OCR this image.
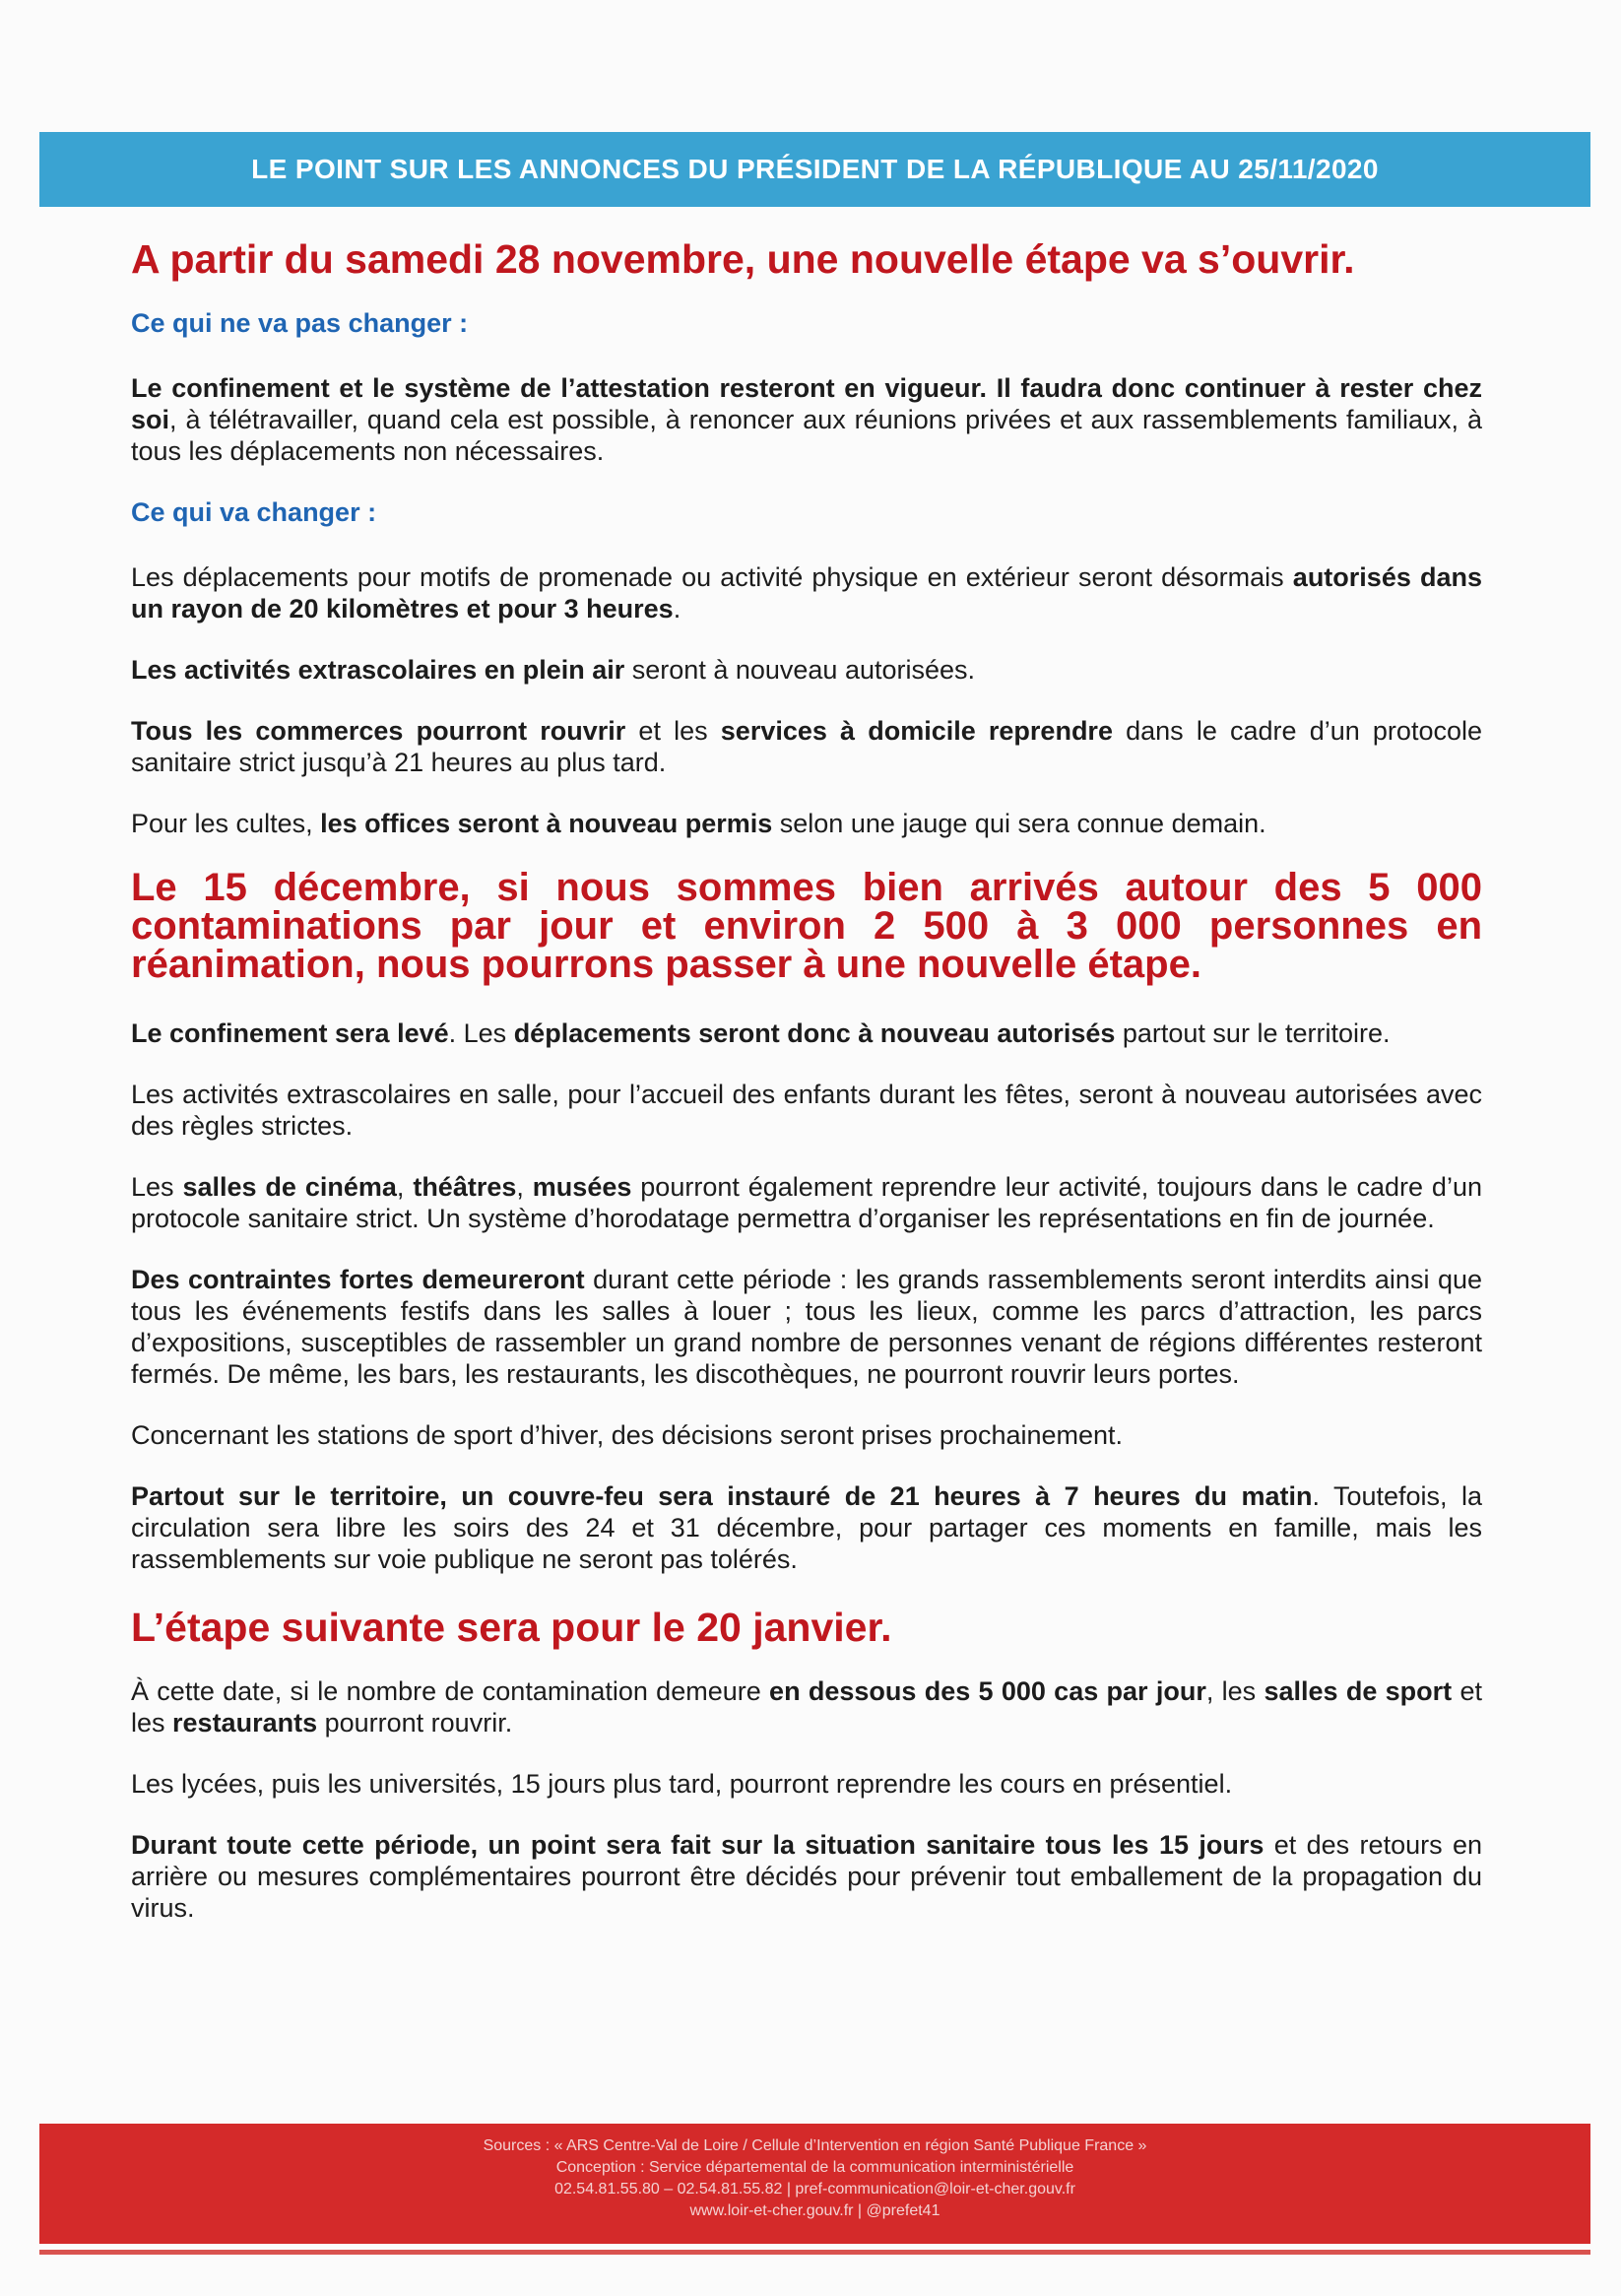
LE POINT SUR LES ANNONCES DU PRÉSIDENT DE LA RÉPUBLIQUE AU 25/11/2020
A partir du samedi 28 novembre, une nouvelle étape va s’ouvrir.
Ce qui ne va pas changer :

Le confinement et le système de l’attestation resteront en vigueur. Il faudra donc continuer à rester chez soi, à télétravailler, quand cela est possible, à renoncer aux réunions privées et aux rassemblements familiaux, à tous les déplacements non nécessaires.

Ce qui va changer :

Les déplacements pour motifs de promenade ou activité physique en extérieur seront désormais autorisés dans un rayon de 20 kilomètres et pour 3 heures.

Les activités extrascolaires en plein air seront à nouveau autorisées.

Tous les commerces pourront rouvrir et les services à domicile reprendre dans le cadre d’un protocole sanitaire strict jusqu’à 21 heures au plus tard.

Pour les cultes, les offices seront à nouveau permis selon une jauge qui sera connue demain.

Le 15 décembre, si nous sommes bien arrivés autour des 5 000 contaminations par jour et environ 2 500 à 3 000 personnes en réanimation, nous pourrons passer à une nouvelle étape.

Le confinement sera levé. Les déplacements seront donc à nouveau autorisés partout sur le territoire.

Les activités extrascolaires en salle, pour l’accueil des enfants durant les fêtes, seront à nouveau autorisées avec des règles strictes.

Les salles de cinéma, théâtres, musées pourront également reprendre leur activité, toujours dans le cadre d’un protocole sanitaire strict. Un système d’horodatage permettra d’organiser les représentations en fin de journée.

Des contraintes fortes demeureront durant cette période : les grands rassemblements seront interdits ainsi que tous les événements festifs dans les salles à louer ; tous les lieux, comme les parcs d’attraction, les parcs d’expositions, susceptibles de rassembler un grand nombre de personnes venant de régions différentes resteront fermés. De même, les bars, les restaurants, les discothèques, ne pourront rouvrir leurs portes.

Concernant les stations de sport d’hiver, des décisions seront prises prochainement.

Partout sur le territoire, un couvre-feu sera instauré de 21 heures à 7 heures du matin. Toutefois, la circulation sera libre les soirs des 24 et 31 décembre, pour partager ces moments en famille, mais les rassemblements sur voie publique ne seront pas tolérés.

L’étape suivante sera pour le 20 janvier.

À cette date, si le nombre de contamination demeure en dessous des 5 000 cas par jour, les salles de sport et les restaurants pourront rouvrir.

Les lycées, puis les universités, 15 jours plus tard, pourront reprendre les cours en présentiel.

Durant toute cette période, un point sera fait sur la situation sanitaire tous les 15 jours et des retours en arrière ou mesures complémentaires pourront être décidés pour prévenir tout emballement de la propagation du virus.

Sources : « ARS Centre-Val de Loire / Cellule d’Intervention en région Santé Publique France »
Conception : Service départemental de la communication interministérielle
02.54.81.55.80 – 02.54.81.55.82 | pref-communication@loir-et-cher.gouv.fr
www.loir-et-cher.gouv.fr | @prefet41
